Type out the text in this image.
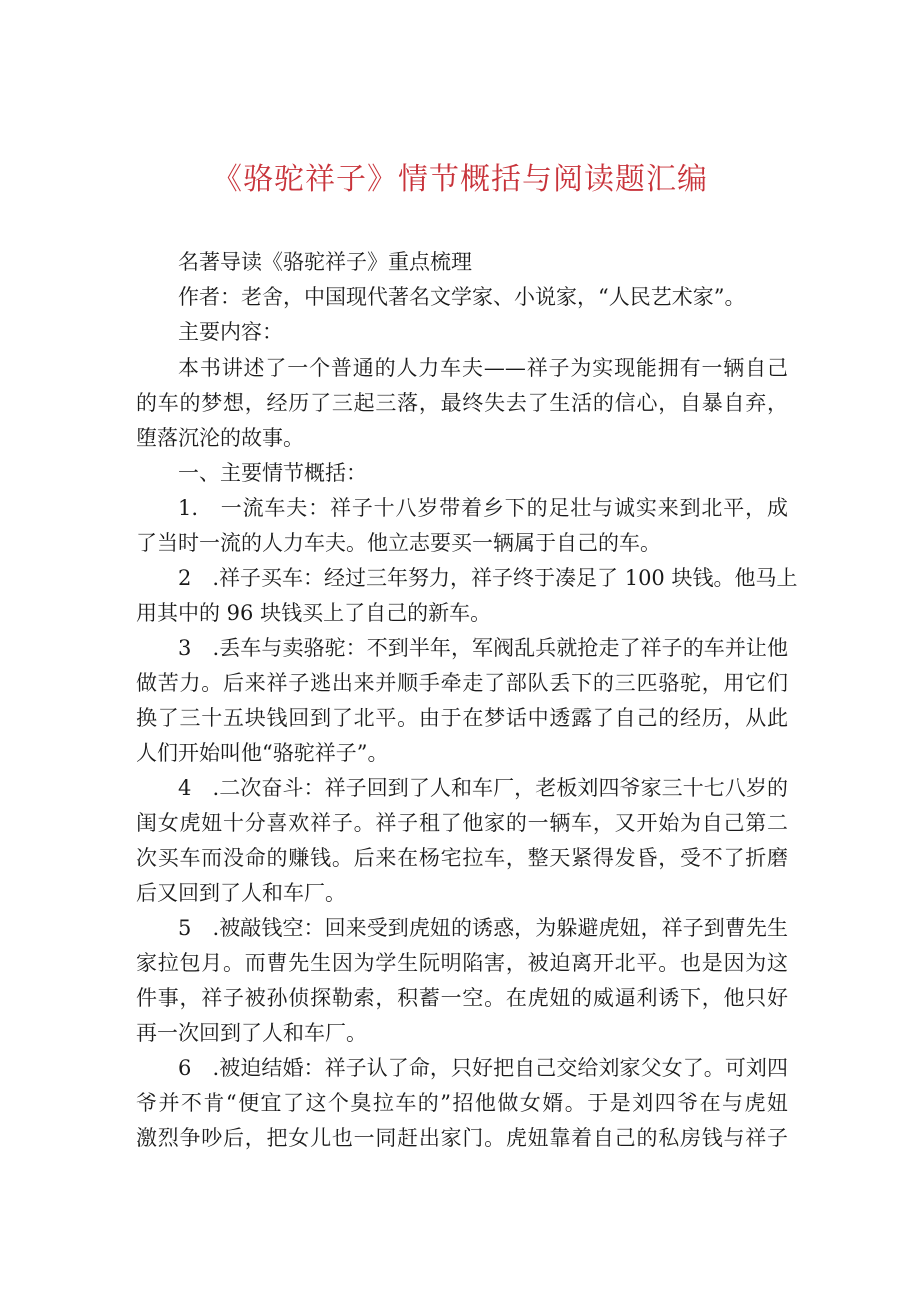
《骆驼祥子》情节概括与阅读题汇编

名著导读《骆驼祥子》重点梳理

作者：老舍，中国现代著名文学家、小说家，“人民艺术家”。

主要内容：

本书讲述了一个普通的人力车夫——祥子为实现能拥有一辆自己

的车的梦想，经历了三起三落，最终失去了生活的信心，自暴自弃，

堕落沉沦的故事。

一、主要情节概括：

1.　一流车夫：祥子十八岁带着乡下的足壮与诚实来到北平，成

了当时一流的人力车夫。他立志要买一辆属于自己的车。

2　.祥子买车：经过三年努力，祥子终于凑足了 100 块钱。他马上

用其中的 96 块钱买上了自己的新车。

3　.丢车与卖骆驼：不到半年，军阀乱兵就抢走了祥子的车并让他

做苦力。后来祥子逃出来并顺手牵走了部队丢下的三匹骆驼，用它们

换了三十五块钱回到了北平。由于在梦话中透露了自己的经历，从此

人们开始叫他“骆驼祥子”。

4　.二次奋斗：祥子回到了人和车厂，老板刘四爷家三十七八岁的

闺女虎妞十分喜欢祥子。祥子租了他家的一辆车，又开始为自己第二

次买车而没命的赚钱。后来在杨宅拉车，整天紧得发昏，受不了折磨

后又回到了人和车厂。

5　.被敲钱空：回来受到虎妞的诱惑，为躲避虎妞，祥子到曹先生

家拉包月。而曹先生因为学生阮明陷害，被迫离开北平。也是因为这

件事，祥子被孙侦探勒索，积蓄一空。在虎妞的威逼利诱下，他只好

再一次回到了人和车厂。

6　.被迫结婚：祥子认了命，只好把自己交给刘家父女了。可刘四

爷并不肯“便宜了这个臭拉车的”招他做女婿。于是刘四爷在与虎妞

激烈争吵后，把女儿也一同赶出家门。虎妞靠着自己的私房钱与祥子
